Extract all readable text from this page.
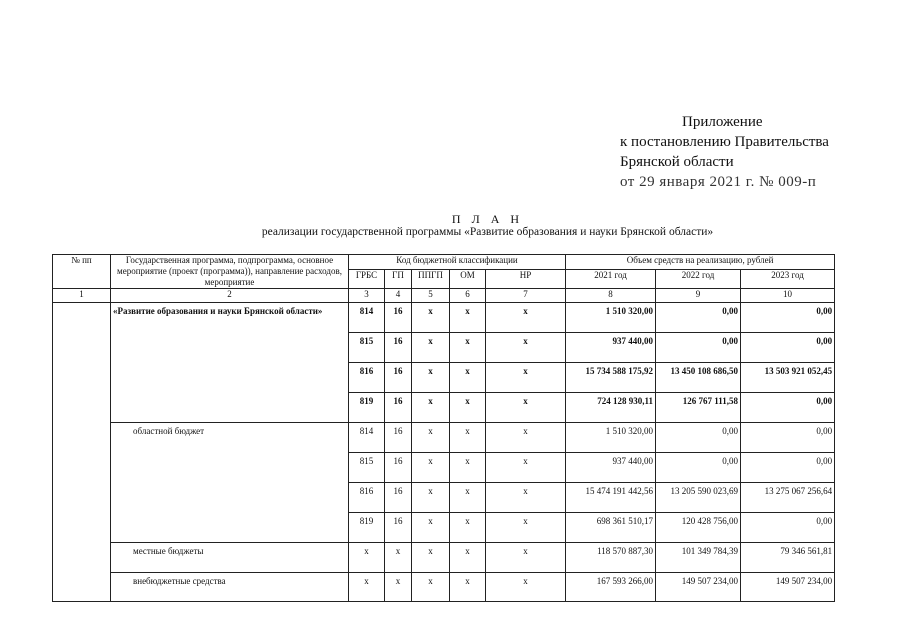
Приложение
к постановлению Правительства
Брянской области
от 29 января 2021 г. № 009-п
П Л А Н
реализации государственной программы «Развитие образования и науки Брянской области»
№ пп	Государственная программа, подпрограмма, основное мероприятие (проект (программа)), направление расходов, мероприятие	Код бюджетной классификации					Объем средств на реализацию, рублей		
		ГРБС	ГП	ППГП	ОМ	НР	2021 год	2022 год	2023 год
1	2	3	4	5	6	7	8	9	10
	«Развитие образования и науки Брянской области»	814	16	х	х	х	1 510 320,00	0,00	0,00
		815	16	х	х	х	937 440,00	0,00	0,00
		816	16	х	х	х	15 734 588 175,92	13 450 108 686,50	13 503 921 052,45
		819	16	х	х	х	724 128 930,11	126 767 111,58	0,00
	областной бюджет	814	16	х	х	х	1 510 320,00	0,00	0,00
		815	16	х	х	х	937 440,00	0,00	0,00
		816	16	х	х	х	15 474 191 442,56	13 205 590 023,69	13 275 067 256,64
		819	16	х	х	х	698 361 510,17	120 428 756,00	0,00
	местные бюджеты	х	х	х	х	х	118 570 887,30	101 349 784,39	79 346 561,81
	внебюджетные средства	х	х	х	х	х	167 593 266,00	149 507 234,00	149 507 234,00
